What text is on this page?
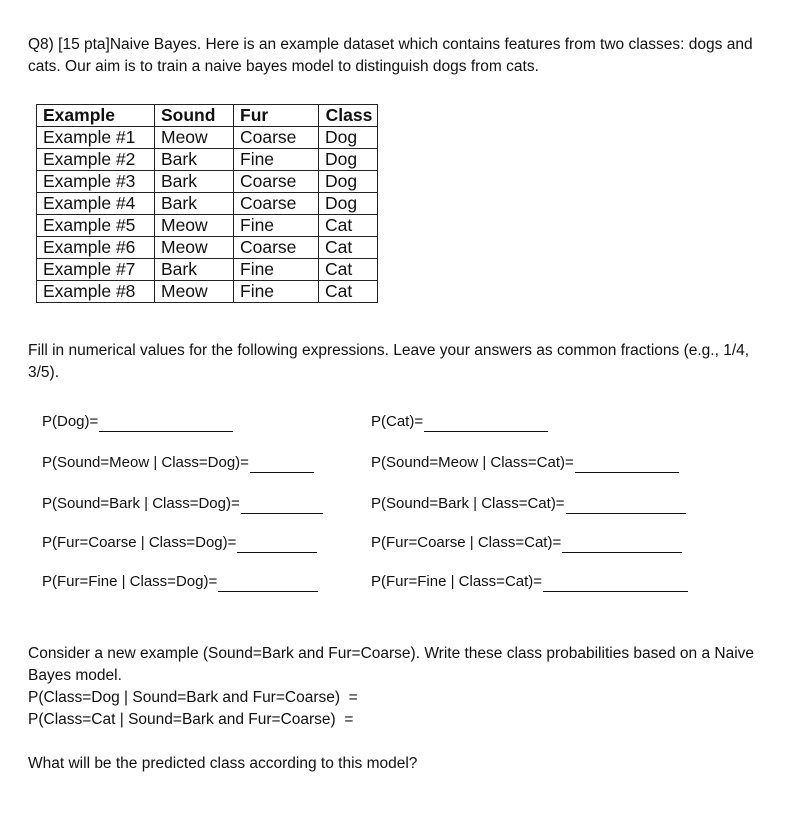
Q8) [15 pta]Naive Bayes. Here is an example dataset which contains features from two classes: dogs and cats. Our aim is to train a naive bayes model to distinguish dogs from cats.
Example	Sound	Fur	Class
Example #1	Meow	Coarse	Dog
Example #2	Bark	Fine	Dog
Example #3	Bark	Coarse	Dog
Example #4	Bark	Coarse	Dog
Example #5	Meow	Fine	Cat
Example #6	Meow	Coarse	Cat
Example #7	Bark	Fine	Cat
Example #8	Meow	Fine	Cat
Fill in numerical values for the following expressions. Leave your answers as common fractions (e.g., 1/4, 3/5).
P(Dog)=
P(Sound=Meow | Class=Dog)=
P(Sound=Bark | Class=Dog)=
P(Fur=Coarse | Class=Dog)=
P(Fur=Fine | Class=Dog)=
P(Cat)=
P(Sound=Meow | Class=Cat)=
P(Sound=Bark | Class=Cat)=
P(Fur=Coarse | Class=Cat)=
P(Fur=Fine | Class=Cat)=
Consider a new example (Sound=Bark and Fur=Coarse). Write these class probabilities based on a Naive Bayes model.
P(Class=Dog | Sound=Bark and Fur=Coarse)  =
P(Class=Cat | Sound=Bark and Fur=Coarse)  =
What will be the predicted class according to this model?
